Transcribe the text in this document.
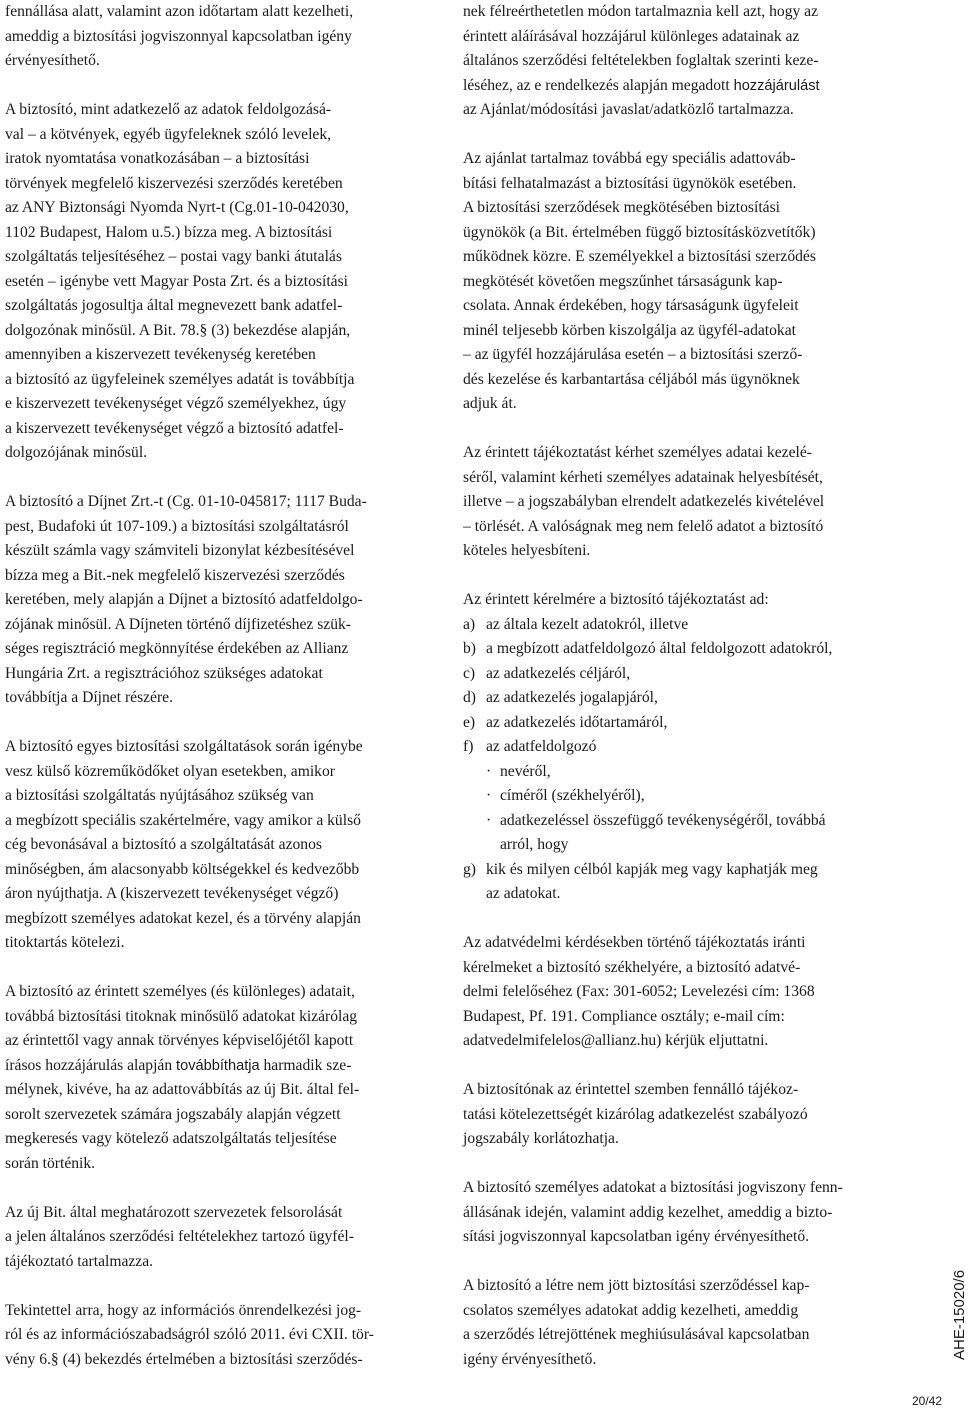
fennállása alatt, valamint azon időtartam alatt kezelheti,
ameddig a biztosítási jogviszonnyal kapcsolatban igény
érvényesíthető.
A biztosító, mint adatkezelő az adatok feldolgozásá-
val – a kötvények, egyéb ügyfeleknek szóló levelek,
iratok nyomtatása vonatkozásában – a biztosítási
törvények megfelelő kiszervezési szerződés keretében
az ANY Biztonsági Nyomda Nyrt-t (Cg.01-10-042030,
1102 Budapest, Halom u.5.) bízza meg. A biztosítási
szolgáltatás teljesítéséhez – postai vagy banki átutalás
esetén – igénybe vett Magyar Posta Zrt. és a biztosítási
szolgáltatás jogosultja által megnevezett bank adatfel-
dolgozónak minősül. A Bit. 78.§ (3) bekezdése alapján,
amennyiben a kiszervezett tevékenység keretében
a biztosító az ügyfeleinek személyes adatát is továbbítja
e kiszervezett tevékenységet végző személyekhez, úgy
a kiszervezett tevékenységet végző a biztosító adatfel-
dolgozójának minősül.
A biztosító a Díjnet Zrt.-t (Cg. 01-10-045817; 1117 Buda-
pest, Budafoki út 107-109.) a biztosítási szolgáltatásról
készült számla vagy számviteli bizonylat kézbesítésével
bízza meg a Bit.-nek megfelelő kiszervezési szerződés
keretében, mely alapján a Díjnet a biztosító adatfeldolgo-
zójának minősül. A Díjneten történő díjfizetéshez szük-
séges regisztráció megkönnyítése érdekében az Allianz
Hungária Zrt. a regisztrációhoz szükséges adatokat
továbbítja a Díjnet részére.
A biztosító egyes biztosítási szolgáltatások során igénybe
vesz külső közreműködőket olyan esetekben, amikor
a biztosítási szolgáltatás nyújtásához szükség van
a megbízott speciális szakértelmére, vagy amikor a külső
cég bevonásával a biztosító a szolgáltatását azonos
minőségben, ám alacsonyabb költségekkel és kedvezőbb
áron nyújthatja. A (kiszervezett tevékenységet végző)
megbízott személyes adatokat kezel, és a törvény alapján
titoktartás kötelezi.
A biztosító az érintett személyes (és különleges) adatait,
továbbá biztosítási titoknak minősülő adatokat kizárólag
az érintettől vagy annak törvényes képviselőjétől kapott
írásos hozzájárulás alapján továbbíthatja harmadik sze-
mélynek, kivéve, ha az adattovábbítás az új Bit. által fel-
sorolt szervezetek számára jogszabály alapján végzett
megkeresés vagy kötelező adatszolgáltatás teljesítése
során történik.
Az új Bit. által meghatározott szervezetek felsorolását
a jelen általános szerződési feltételekhez tartozó ügyfél-
tájékoztató tartalmazza.
Tekintettel arra, hogy az információs önrendelkezési jog-
ról és az információszabadságról szóló 2011. évi CXII. tör-
vény 6.§ (4) bekezdés értelmében a biztosítási szerződés-
nek félreérthetetlen módon tartalmaznia kell azt, hogy az
érintett aláírásával hozzájárul különleges adatainak az
általános szerződési feltételekben foglaltak szerinti keze-
léséhez, az e rendelkezés alapján megadott hozzájárulást
az Ajánlat/módosítási javaslat/adatközlő tartalmazza.
Az ajánlat tartalmaz továbbá egy speciális adattováb-
bítási felhatalmazást a biztosítási ügynökök esetében.
A biztosítási szerződések megkötésében biztosítási
ügynökök (a Bit. értelmében függő biztosításközvetítők)
működnek közre. E személyekkel a biztosítási szerződés
megkötését követően megszűnhet társaságunk kap-
csolata. Annak érdekében, hogy társaságunk ügyfeleit
minél teljesebb körben kiszolgálja az ügyfél-adatokat
– az ügyfél hozzájárulása esetén – a biztosítási szerző-
dés kezelése és karbantartása céljából más ügynöknek
adjuk át.
Az érintett tájékoztatást kérhet személyes adatai kezelé-
séről, valamint kérheti személyes adatainak helyesbítését,
illetve – a jogszabályban elrendelt adatkezelés kivételével
– törlését. A valóságnak meg nem felelő adatot a biztosító
köteles helyesbíteni.
Az érintett kérelmére a biztosító tájékoztatást ad:
a) az általa kezelt adatokról, illetve
b) a megbízott adatfeldolgozó által feldolgozott adatokról,
c) az adatkezelés céljáról,
d) az adatkezelés jogalapjáról,
e) az adatkezelés időtartamáról,
f) az adatfeldolgozó
· nevéről,
· címéről (székhelyéről),
· adatkezeléssel összefüggő tevékenységéről, továbbá
arról, hogy
g) kik és milyen célból kapják meg vagy kaphatják meg
az adatokat.
Az adatvédelmi kérdésekben történő tájékoztatás iránti
kérelmeket a biztosító székhelyére, a biztosító adatvé-
delmi felelőséhez (Fax: 301-6052; Levelezési cím: 1368
Budapest, Pf. 191. Compliance osztály; e-mail cím:
adatvedelmifelelos@allianz.hu) kérjük eljuttatni.
A biztosítónak az érintettel szemben fennálló tájékoz-
tatási kötelezettségét kizárólag adatkezelést szabályozó
jogszabály korlátozhatja.
A biztosító személyes adatokat a biztosítási jogviszony fenn-
állásának idején, valamint addig kezelhet, ameddig a bizto-
sítási jogviszonnyal kapcsolatban igény érvényesíthető.
A biztosító a létre nem jött biztosítási szerződéssel kap-
csolatos személyes adatokat addig kezelheti, ameddig
a szerződés létrejöttének meghiúsulásával kapcsolatban
igény érvényesíthető.	AHE-15020/6
20/42
